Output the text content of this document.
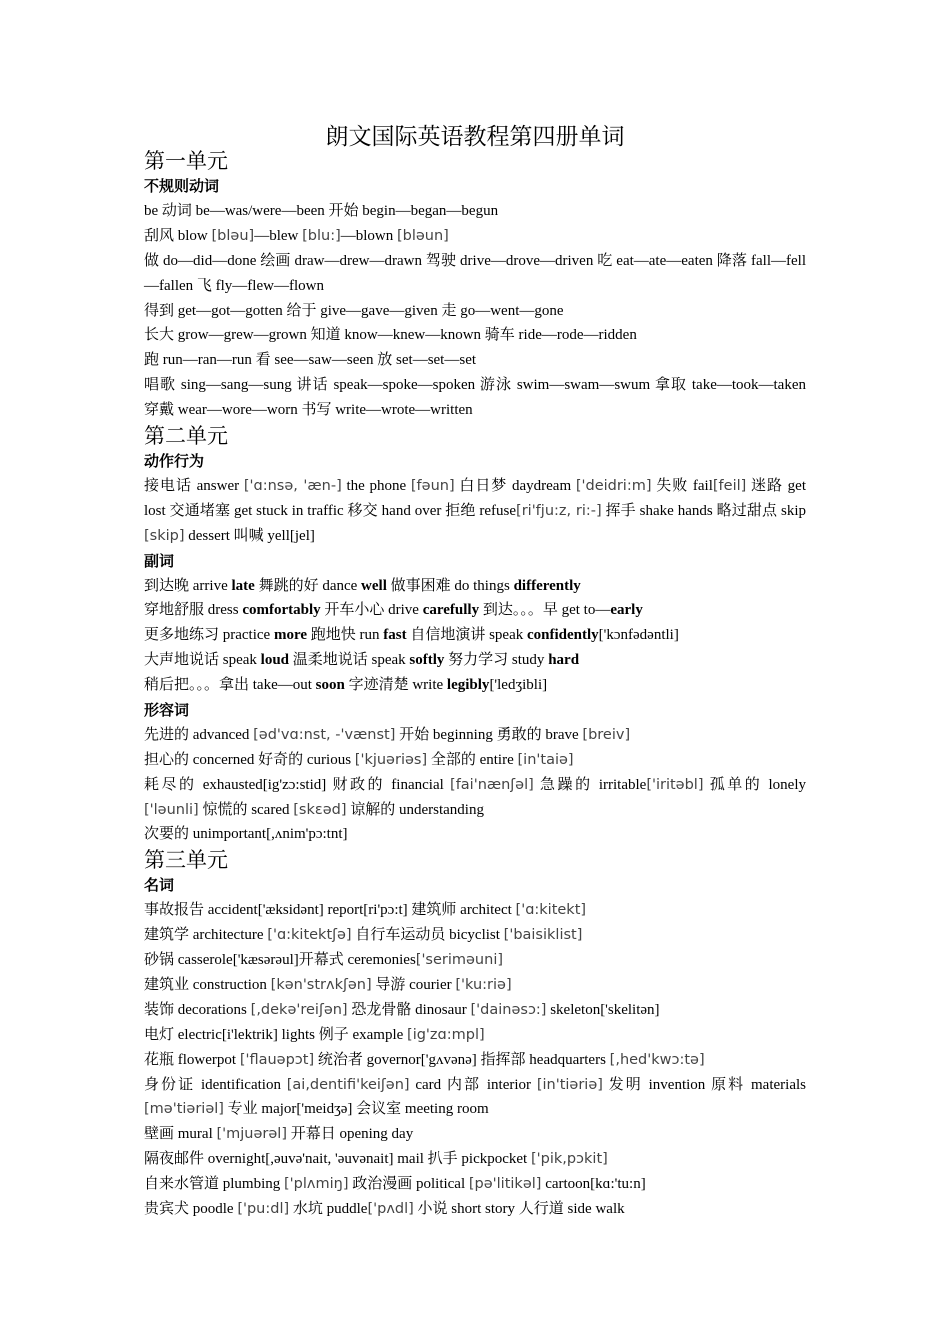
朗文国际英语教程第四册单词
第一单元
不规则动词
be 动词 be—was/were—been 开始 begin—began—begun
刮风 blow [bləu]—blew [blu:]—blown [bləun]
做 do—did—done 绘画 draw—drew—drawn 驾驶 drive—drove—driven 吃 eat—ate—eaten 降落 fall—fell—fallen 飞 fly—flew—flown
得到 get—got—gotten 给于 give—gave—given 走 go—went—gone
长大 grow—grew—grown 知道 know—knew—known 骑车 ride—rode—ridden
跑 run—ran—run 看 see—saw—seen 放 set—set—set
唱歌 sing—sang—sung 讲话 speak—spoke—spoken 游泳 swim—swam—swum 拿取 take—took—taken 穿戴 wear—wore—worn 书写 write—wrote—written
第二单元
动作行为
接电话 answer ['ɑ:nsə, 'æn-] the phone [fəun] 白日梦 daydream ['deidri:m] 失败 fail[feil] 迷路 get lost 交通堵塞 get stuck in traffic 移交 hand over 拒绝 refuse[ri'fju:z, ri:-] 挥手 shake hands 略过甜点 skip [skip] dessert 叫喊 yell[jel]
副词
到达晚 arrive late 舞跳的好 dance well 做事困难 do things differently
穿地舒服 dress comfortably 开车小心 drive carefully 到达。。。早 get to—early
更多地练习 practice more 跑地快 run fast 自信地演讲 speak confidently['kɔnfədəntli]
大声地说话 speak loud 温柔地说话 speak softly 努力学习 study hard
稍后把。。。拿出 take—out soon 字迹清楚 write legibly['ledʒibli]
形容词
先进的 advanced [əd'vɑ:nst, -'vænst] 开始 beginning 勇敢的 brave [breiv]
担心的 concerned 好奇的 curious ['kjuəriəs] 全部的 entire [in'taiə]
耗尽的 exhausted[ig'zɔ:stid] 财政的 financial [fai'nænʃəl] 急躁的 irritable['iritəbl] 孤单的 lonely ['ləunli] 惊慌的 scared [skεəd] 谅解的 understanding
次要的 unimportant[,ʌnim'pɔ:tnt]
第三单元
名词
事故报告 accident['æksidənt] report[ri'pɔ:t] 建筑师 architect ['ɑ:kitekt]
建筑学 architecture ['ɑ:kitektʃə] 自行车运动员 bicyclist ['baisiklist]
砂锅 casserole['kæsərəul]开幕式 ceremonies['seriməuni]
建筑业 construction [kən'strʌkʃən] 导游 courier ['ku:riə]
装饰 decorations [,dekə'reiʃən] 恐龙骨骼 dinosaur ['dainəsɔ:] skeleton['skelitən]
电灯 electric[i'lektrik] lights 例子 example [ig'zɑ:mpl]
花瓶 flowerpot ['flauəpɔt] 统治者 governor['gʌvənə] 指挥部 headquarters [,hed'kwɔ:tə]
身份证 identification [ai,dentifi'keiʃən] card 内部 interior [in'tiəriə] 发明 invention 原料 materials [mə'tiəriəl] 专业 major['meidʒə] 会议室 meeting room
壁画 mural ['mjuərəl] 开幕日 opening day
隔夜邮件 overnight[,əuvə'nait, 'əuvənait] mail 扒手 pickpocket ['pik,pɔkit]
自来水管道 plumbing ['plʌmiŋ] 政治漫画 political [pə'litikəl] cartoon[kɑ:'tu:n]
贵宾犬 poodle ['pu:dl] 水坑 puddle['pʌdl] 小说 short story 人行道 side walk
